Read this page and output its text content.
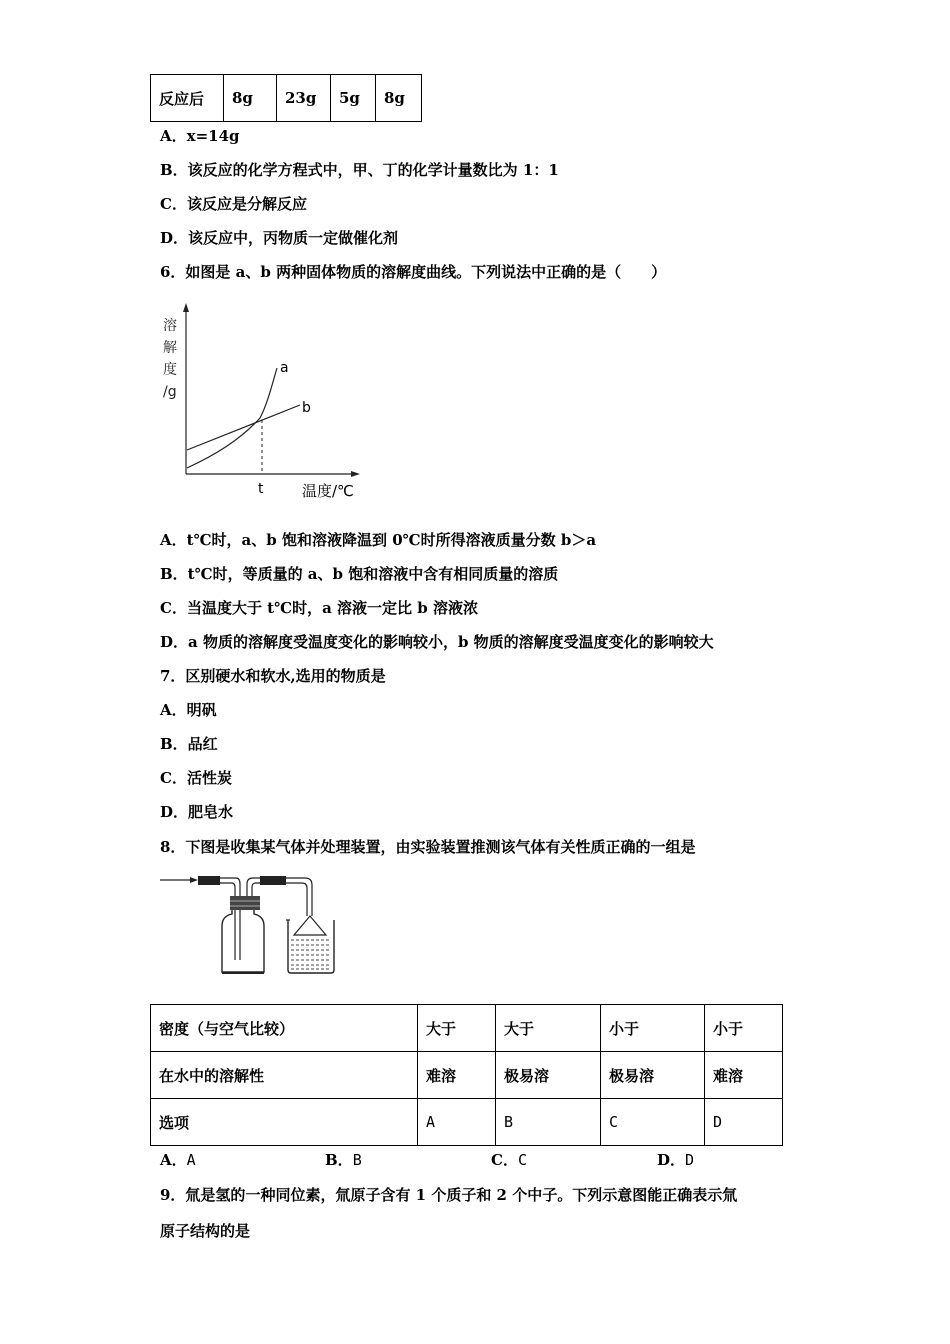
反应后	8g	23g	5g	8g
A．x=14g
B．该反应的化学方程式中，甲、丁的化学计量数比为 1：1
C．该反应是分解反应
D．该反应中，丙物质一定做催化剂
6．如图是 a、b 两种固体物质的溶解度曲线。下列说法中正确的是（　　）
溶
解
度
/g
a
b
t	温度/℃
A．t℃时，a、b 饱和溶液降温到 0℃时所得溶液质量分数 b＞a
B．t℃时，等质量的 a、b 饱和溶液中含有相同质量的溶质
C．当温度大于 t℃时，a 溶液一定比 b 溶液浓
D．a 物质的溶解度受温度变化的影响较小，b 物质的溶解度受温度变化的影响较大
7．区别硬水和软水,选用的物质是
A．明矾
B．品红
C．活性炭
D．肥皂水
8．下图是收集某气体并处理装置，由实验装置推测该气体有关性质正确的一组是
密度（与空气比较）	大于	大于	小于	小于
在水中的溶解性	难溶	极易溶	极易溶	难溶
选项	A	B	C	D
A．A	B．B	C．C	D．D
9．氚是氢的一种同位素，氚原子含有 1 个质子和 2 个中子。下列示意图能正确表示氚
原子结构的是
